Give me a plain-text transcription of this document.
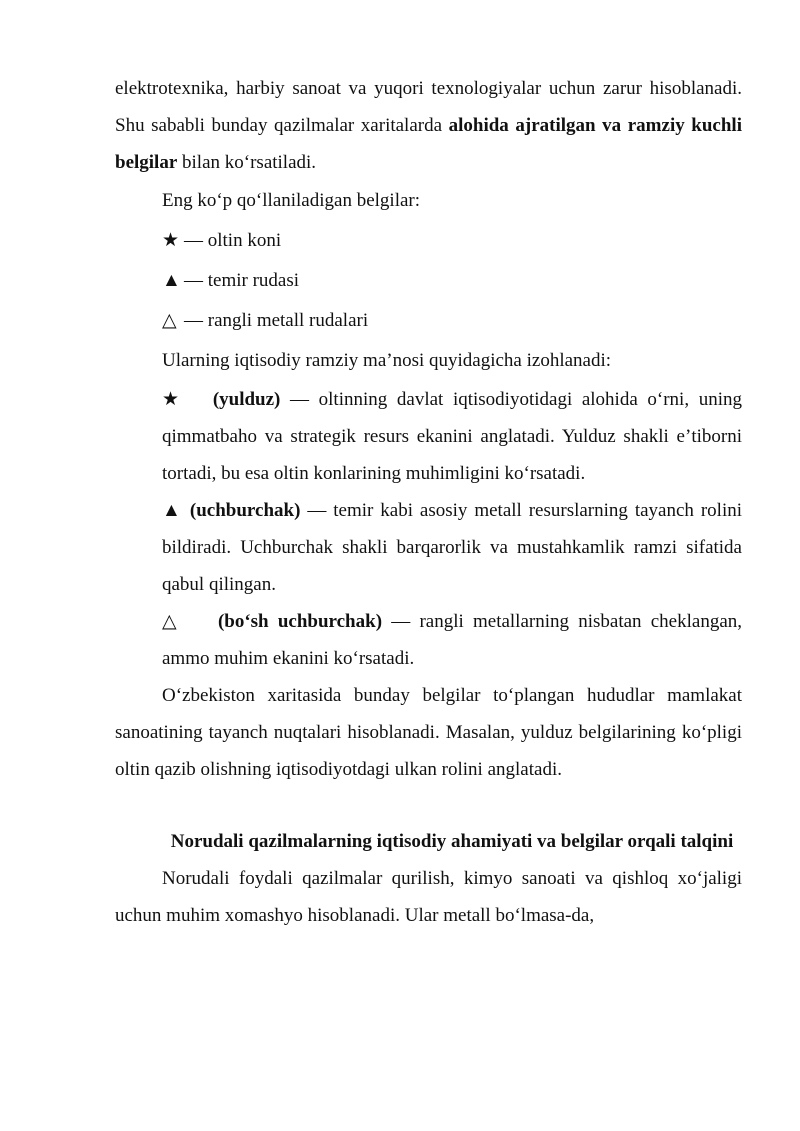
elektrotexnika, harbiy sanoat va yuqori texnologiyalar uchun zarur hisoblanadi. Shu sababli bunday qazilmalar xaritalarda alohida ajratilgan va ramziy kuchli belgilar bilan koʻrsatiladi.

Eng koʻp qoʻllaniladigan belgilar:

★ — oltin koni
▲ — temir rudasi
△ — rangli metall rudalari

Ularning iqtisodiy ramziy maʼnosi quyidagicha izohlanadi:

★ (yulduz) — oltinning davlat iqtisodiyotidagi alohida oʻrni, uning qimmatbaho va strategik resurs ekanini anglatadi. Yulduz shakli eʼtiborni tortadi, bu esa oltin konlarining muhimligini koʻrsatadi.

▲ (uchburchak) — temir kabi asosiy metall resurslarning tayanch rolini bildiradi. Uchburchak shakli barqarorlik va mustahkamlik ramzi sifatida qabul qilingan.

△ (boʻsh uchburchak) — rangli metallarning nisbatan cheklangan, ammo muhim ekanini koʻrsatadi.

Oʻzbekiston xaritasida bunday belgilar toʻplangan hududlar mamlakat sanoatining tayanch nuqtalari hisoblanadi. Masalan, yulduz belgilarining koʻpligi oltin qazib olishning iqtisodiyotdagi ulkan rolini anglatadi.

Norudali qazilmalarning iqtisodiy ahamiyati va belgilar orqali talqini

Norudali foydali qazilmalar qurilish, kimyo sanoati va qishloq xoʻjaligi uchun muhim xomashyo hisoblanadi. Ular metall boʻlmasa-da,
